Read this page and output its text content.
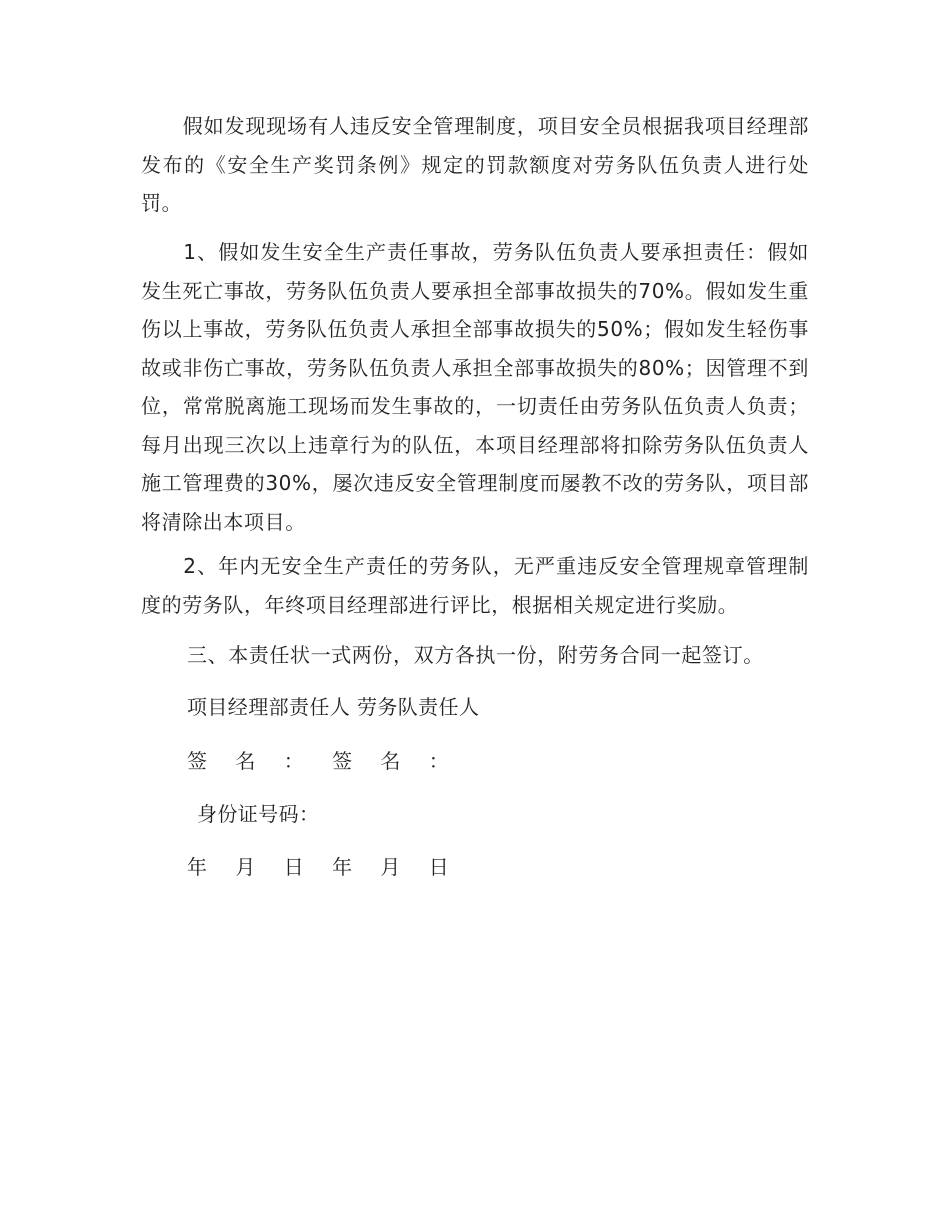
　　假如发现现场有人违反安全管理制度，项目安全员根据我项目经理部发布的《安全生产奖罚条例》规定的罚款额度对劳务队伍负责人进行处罚。

　　1、假如发生安全生产责任事故，劳务队伍负责人要承担责任：假如发生死亡事故，劳务队伍负责人要承担全部事故损失的70%。假如发生重伤以上事故，劳务队伍负责人承担全部事故损失的50%；假如发生轻伤事故或非伤亡事故，劳务队伍负责人承担全部事故损失的80%；因管理不到位，常常脱离施工现场而发生事故的，一切责任由劳务队伍负责人负责；每月出现三次以上违章行为的队伍，本项目经理部将扣除劳务队伍负责人施工管理费的30%，屡次违反安全管理制度而屡教不改的劳务队，项目部将清除出本项目。

　　2、年内无安全生产责任的劳务队，无严重违反安全管理规章管理制度的劳务队，年终项目经理部进行评比，根据相关规定进行奖励。

三、本责任状一式两份，双方各执一份，附劳务合同一起签订。

项目经理部责任人 劳务队责任人

签 名 ： 签 名 ：

身份证号码：

年 月 日 年 月 日
